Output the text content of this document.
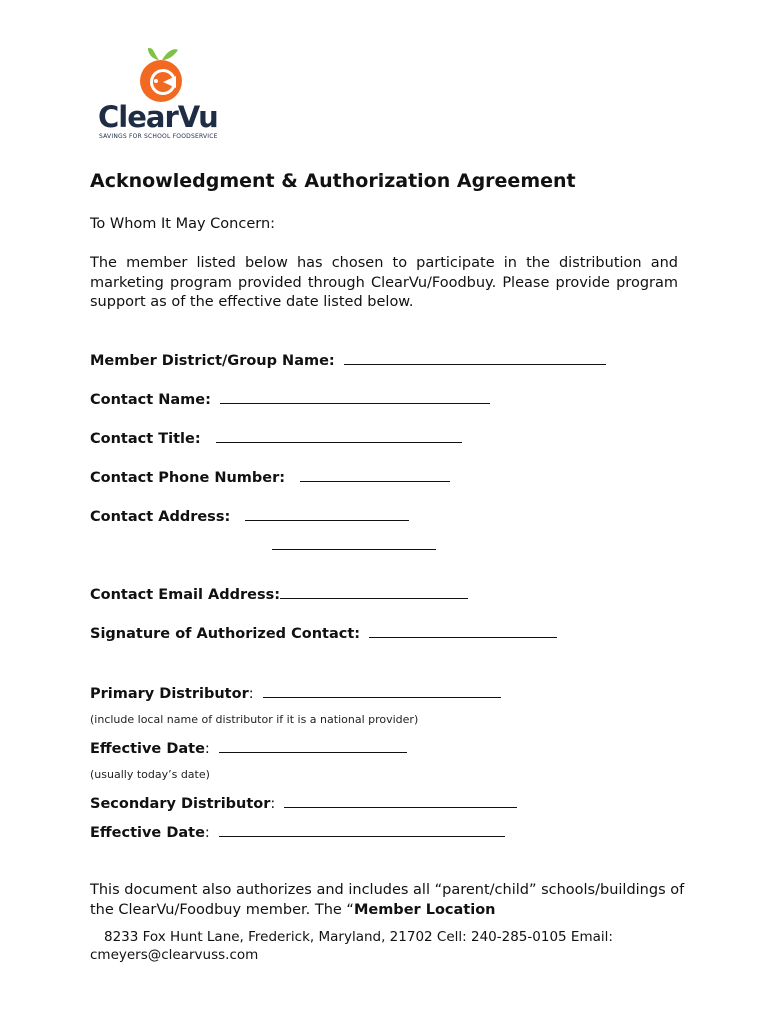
ClearVu
SAVINGS FOR SCHOOL FOODSERVICE
Acknowledgment & Authorization Agreement
To Whom It May Concern:
The member listed below has chosen to participate in the distribution and marketing program provided through ClearVu/Foodbuy. Please provide program support as of the effective date listed below.
Member District/Group Name:
Contact Name:
Contact Title:
Contact Phone Number:
Contact Address:
Contact Email Address:
Signature of Authorized Contact:
Primary Distributor:
(include local name of distributor if it is a national provider)
Effective Date:
(usually today’s date)
Secondary Distributor:
Effective Date:
This document also authorizes and includes all “parent/child” schools/buildings of the ClearVu/Foodbuy member. The “Member Location
8233 Fox Hunt Lane, Frederick, Maryland, 21702 Cell: 240-285-0105 Email:
cmeyers@clearvuss.com
